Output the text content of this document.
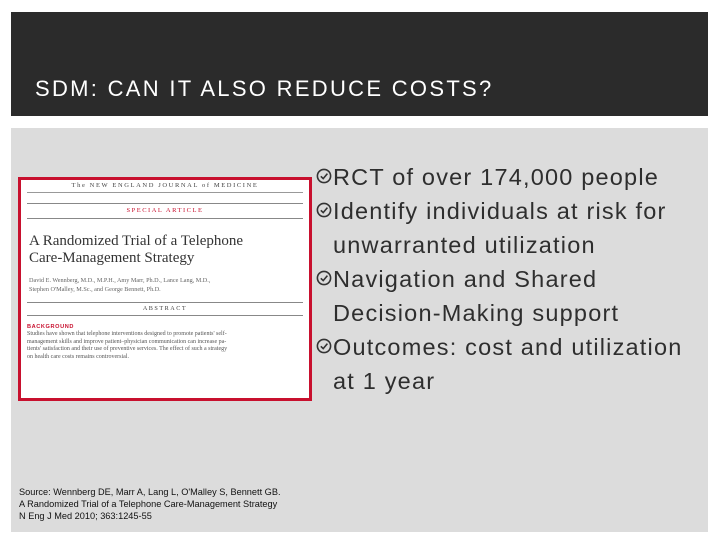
SDM: CAN IT ALSO REDUCE COSTS?
The NEW ENGLAND JOURNAL of MEDICINE
SPECIAL ARTICLE
A Randomized Trial of a Telephone
Care-Management Strategy
David E. Wennberg, M.D., M.P.H., Amy Marr, Ph.D., Lance Lang, M.D.,
Stephen O'Malley, M.Sc., and George Bennett, Ph.D.
ABSTRACT
BACKGROUND
Studies have shown that telephone interventions designed to promote patients' self-
management skills and improve patient–physician communication can increase pa-
tients' satisfaction and their use of preventive services. The effect of such a strategy
on health care costs remains controversial.
RCT of over 174,000 people
Identify individuals at risk for unwarranted utilization
Navigation and Shared Decision-Making support
Outcomes: cost and utilization at 1 year
Source: Wennberg DE, Marr A, Lang L, O'Malley S, Bennett GB.
A Randomized Trial of a Telephone Care-Management Strategy
N Eng J Med 2010; 363:1245-55
